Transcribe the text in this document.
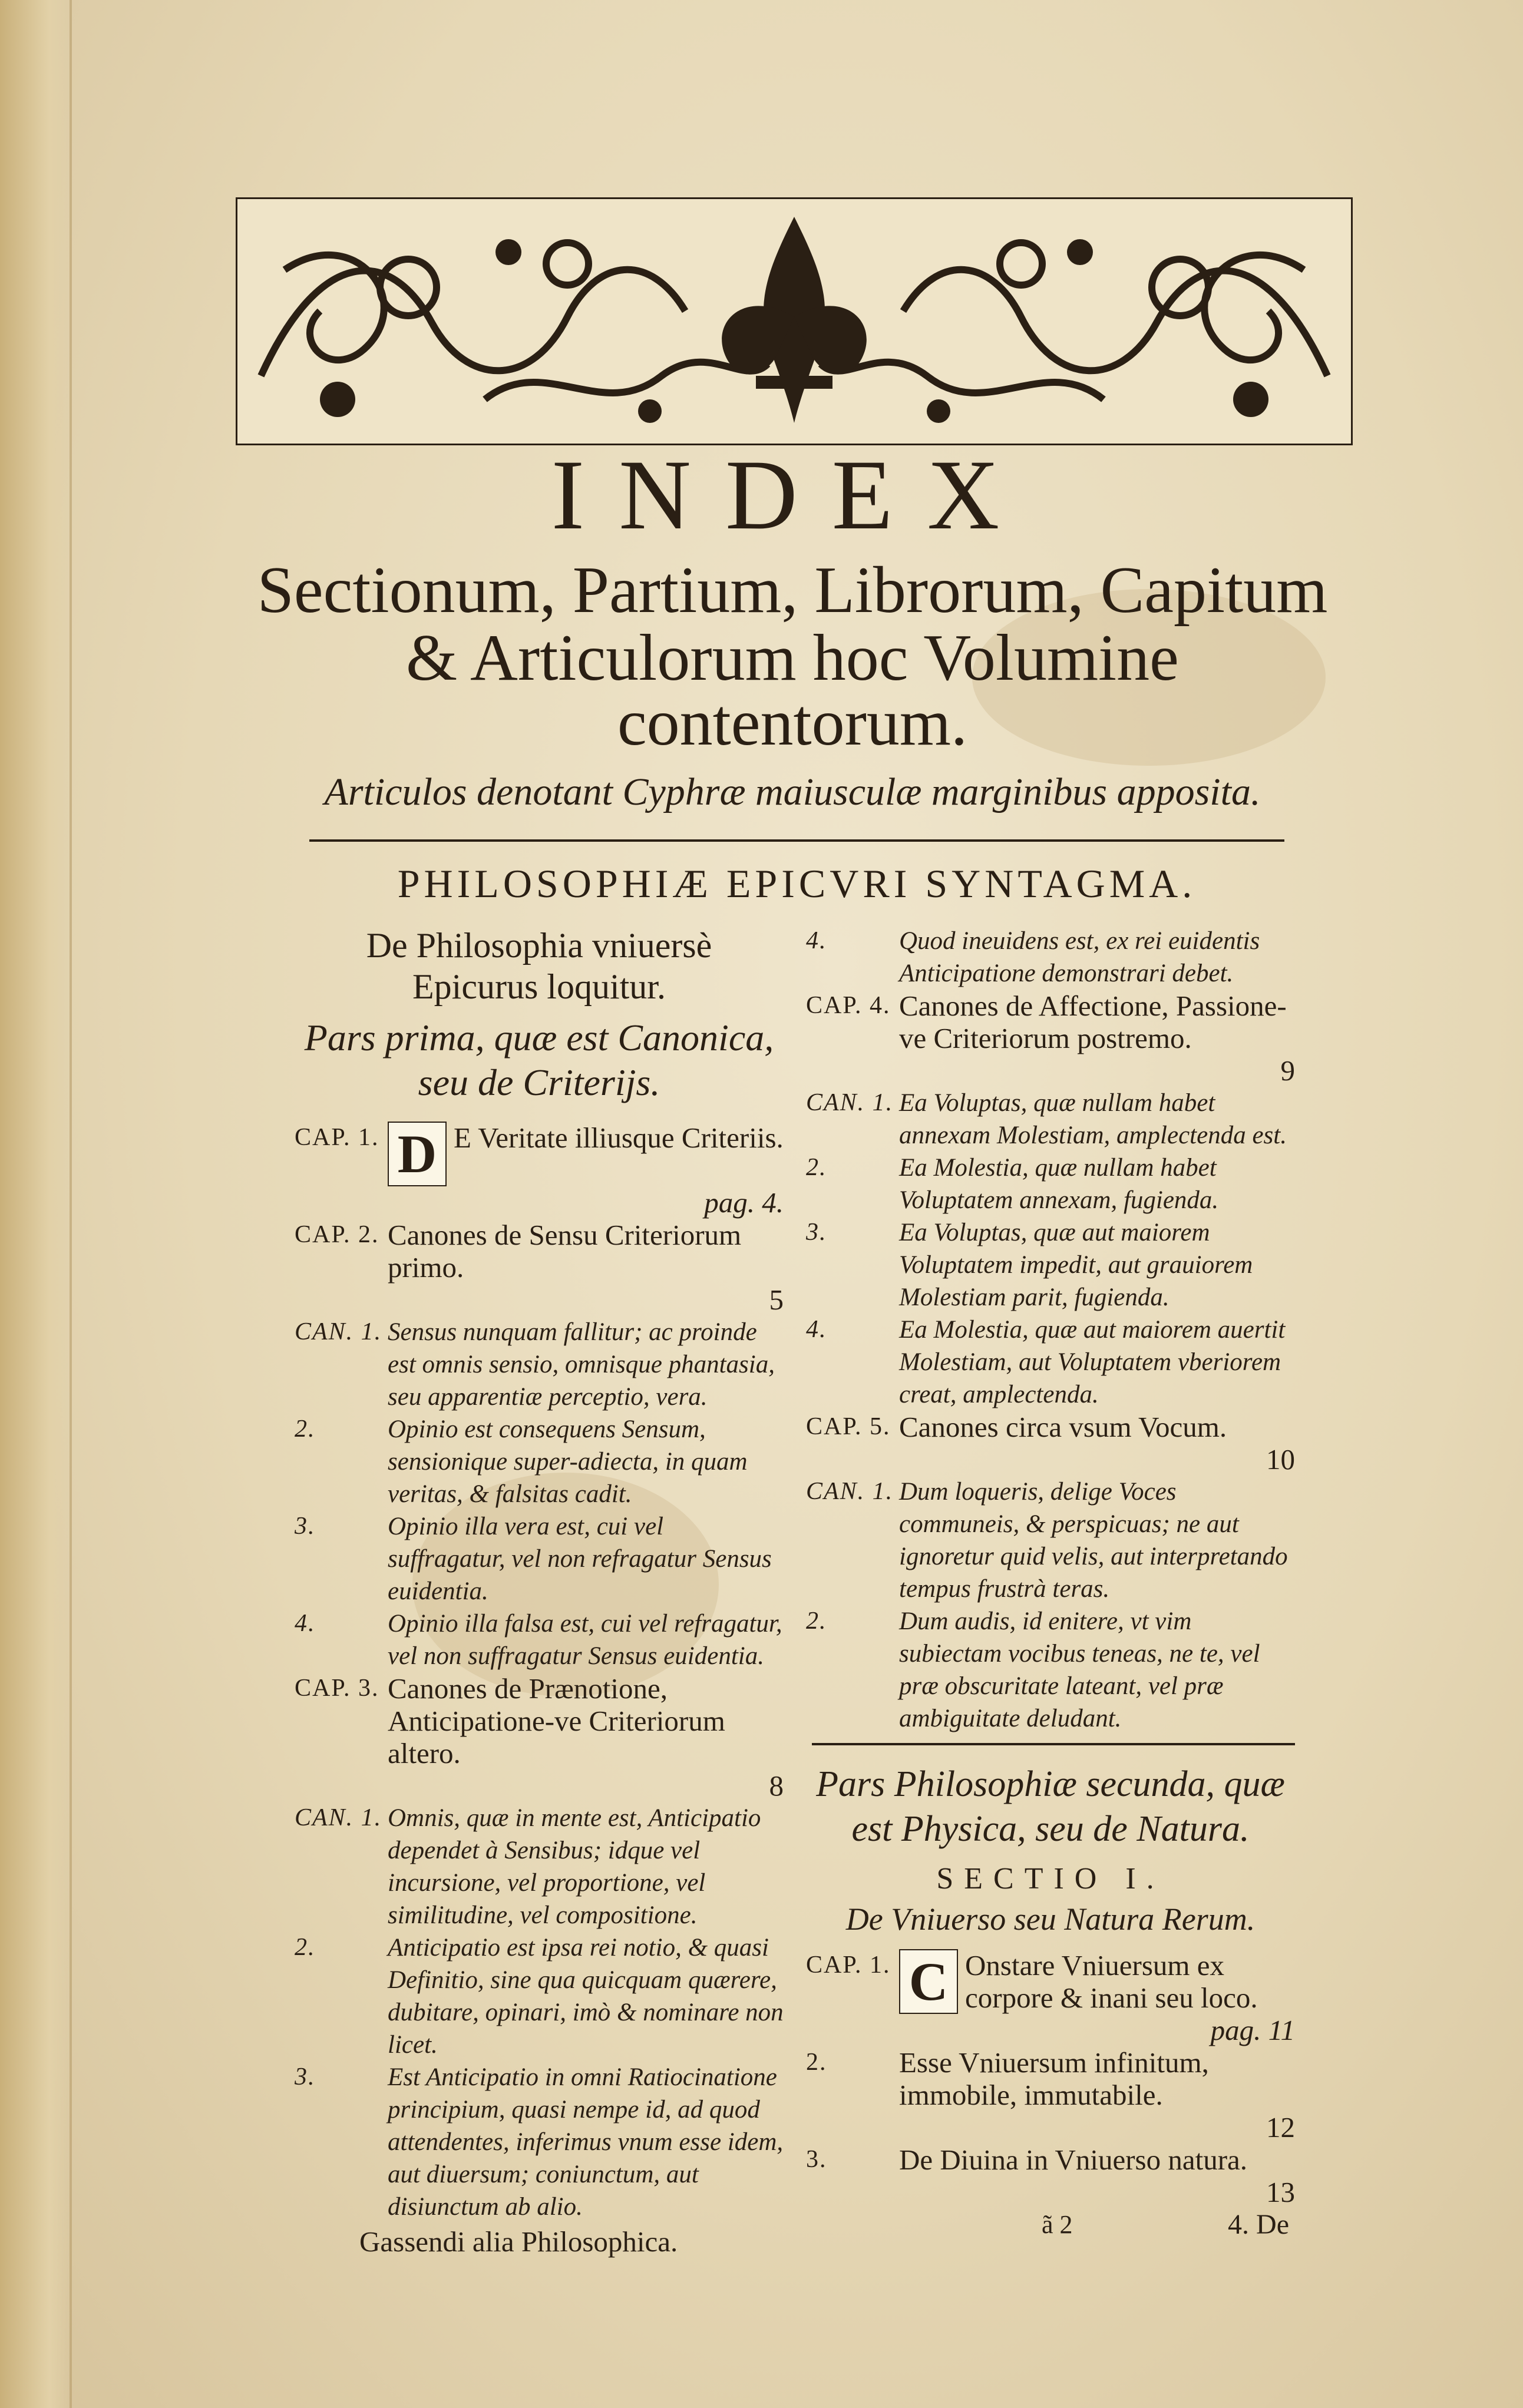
INDEX
Sectionum, Partium, Librorum, Capitum
& Articulorum hoc Volumine
contentorum.
Articulos denotant Cyphræ maiusculæ marginibus apposita.
PHILOSOPHIÆ EPICVRI SYNTAGMA.
De Philosophia vniuersè Epicurus loquitur.
Pars prima, quæ est Canonica, seu de Criterijs.
CAP. 1. D E Veritate illiusque Criteriis.
pag. 4.
CAP. 2. Canones de Sensu Criteriorum primo.
5
CAN. 1. Sensus nunquam fallitur; ac proinde est omnis sensio, omnisque phantasia, seu apparentiæ perceptio, vera.
2.	Opinio est consequens Sensum, sensionique super-adiecta, in quam veritas, & falsitas cadit.
3.	Opinio illa vera est, cui vel suffragatur, vel non refragatur Sensus euidentia.
4.	Opinio illa falsa est, cui vel refragatur, vel non suffragatur Sensus euidentia.
CAP. 3. Canones de Prænotione, Anticipatione-ve Criteriorum altero.
8
CAN. 1. Omnis, quæ in mente est, Anticipatio dependet à Sensibus; idque vel incursione, vel proportione, vel similitudine, vel compositione.
2.	Anticipatio est ipsa rei notio, & quasi Definitio, sine qua quicquam quærere, dubitare, opinari, imò & nominare non licet.
3.	Est Anticipatio in omni Ratiocinatione principium, quasi nempe id, ad quod attendentes, inferimus vnum esse idem, aut diuersum; coniunctum, aut disiunctum ab alio.
Gassendi alia Philosophica.
4.	Quod ineuidens est, ex rei euidentis Anticipatione demonstrari debet.
CAP. 4. Canones de Affectione, Passione-ve Criteriorum postremo.
9
CAN. 1. Ea Voluptas, quæ nullam habet annexam Molestiam, amplectenda est.
2.	Ea Molestia, quæ nullam habet Voluptatem annexam, fugienda.
3.	Ea Voluptas, quæ aut maiorem Voluptatem impedit, aut grauiorem Molestiam parit, fugienda.
4.	Ea Molestia, quæ aut maiorem auertit Molestiam, aut Voluptatem vberiorem creat, amplectenda.
CAP. 5. Canones circa vsum Vocum.
10
CAN. 1. Dum loqueris, delige Voces communeis, & perspicuas; ne aut ignoretur quid velis, aut interpretando tempus frustrà teras.
2.	Dum audis, id enitere, vt vim subiectam vocibus teneas, ne te, vel præ obscuritate lateant, vel præ ambiguitate deludant.
Pars Philosophiæ secunda, quæ est Physica, seu de Natura.
SECTIO I.
De Vniuerso seu Natura Rerum.
CAP. 1. C Onstare Vniuersum ex corpore & inani seu loco.
pag. 11
2.	Esse Vniuersum infinitum, immobile, immutabile.
12
3.	De Diuina in Vniuerso natura.
13
ã 2	4. De
